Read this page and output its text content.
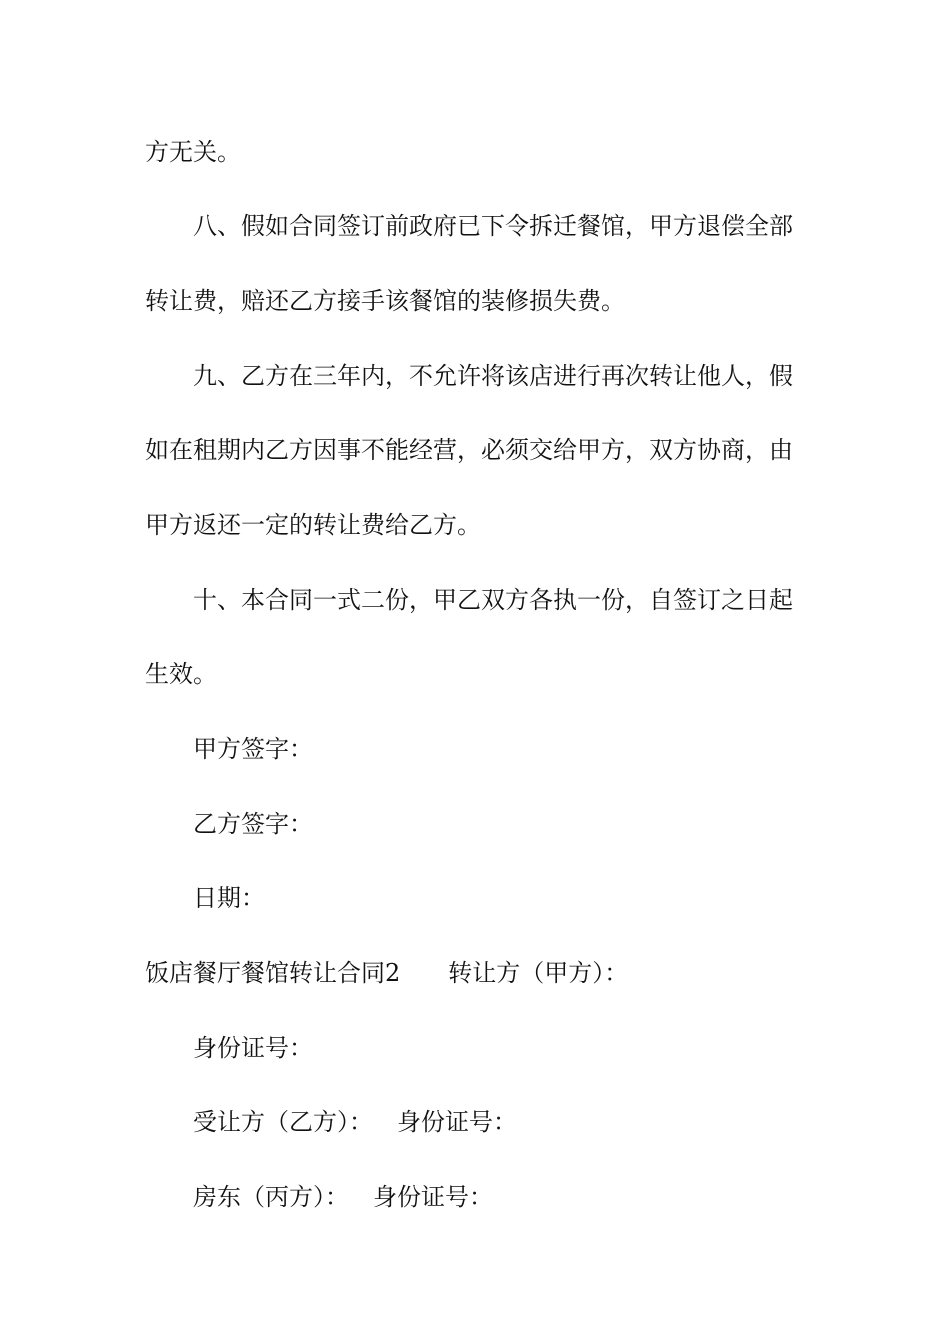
方无关。
八、假如合同签订前政府已下令拆迁餐馆，甲方退偿全部
转让费，赔还乙方接手该餐馆的装修损失费。
九、乙方在三年内，不允许将该店进行再次转让他人，假
如在租期内乙方因事不能经营，必须交给甲方，双方协商，由
甲方返还一定的转让费给乙方。
十、本合同一式二份，甲乙双方各执一份，自签订之日起
生效。
甲方签字：
乙方签字：
日期：
饭店餐厅餐馆转让合同2 转让方（甲方）：
身份证号：
受让方（乙方）： 身份证号：
房东（丙方）： 身份证号：
